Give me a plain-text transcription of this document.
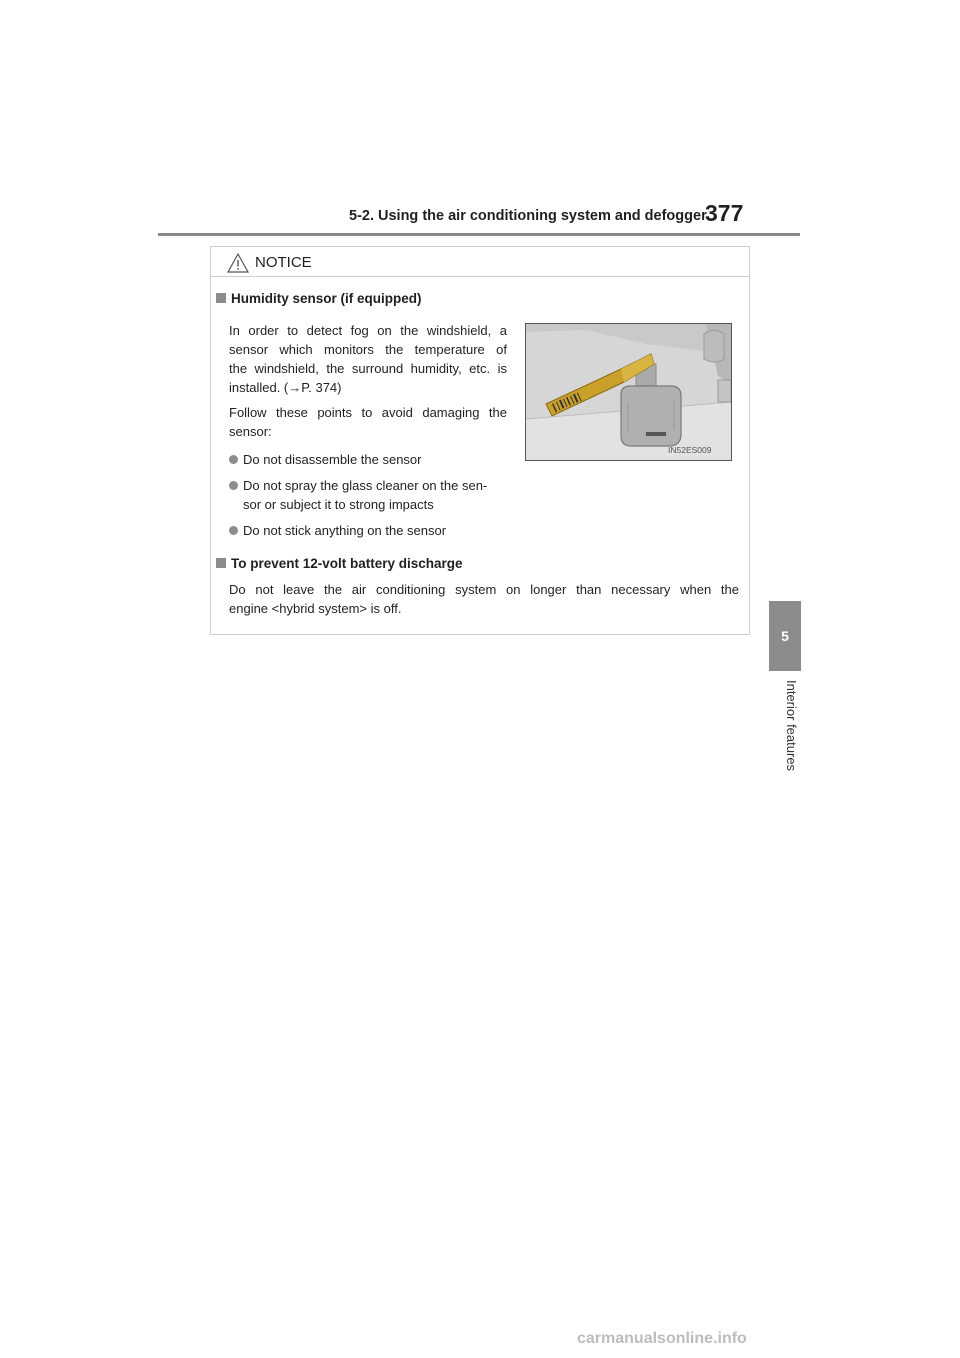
5-2. Using the air conditioning system and defogger
377
5
Interior features
NOTICE
Humidity sensor (if equipped)
In order to detect fog on the windshield, a
sensor which monitors the temperature of
the windshield, the surround humidity, etc. is
installed. (→P. 374)
Follow these points to avoid damaging the
sensor:
Do not disassemble the sensor
Do not spray the glass cleaner on the sen-
sor or subject it to strong impacts
Do not stick anything on the sensor
IN52ES009
To prevent 12-volt battery discharge
Do not leave the air conditioning system on longer than necessary when the
engine <hybrid system> is off.
carmanualsonline.info
